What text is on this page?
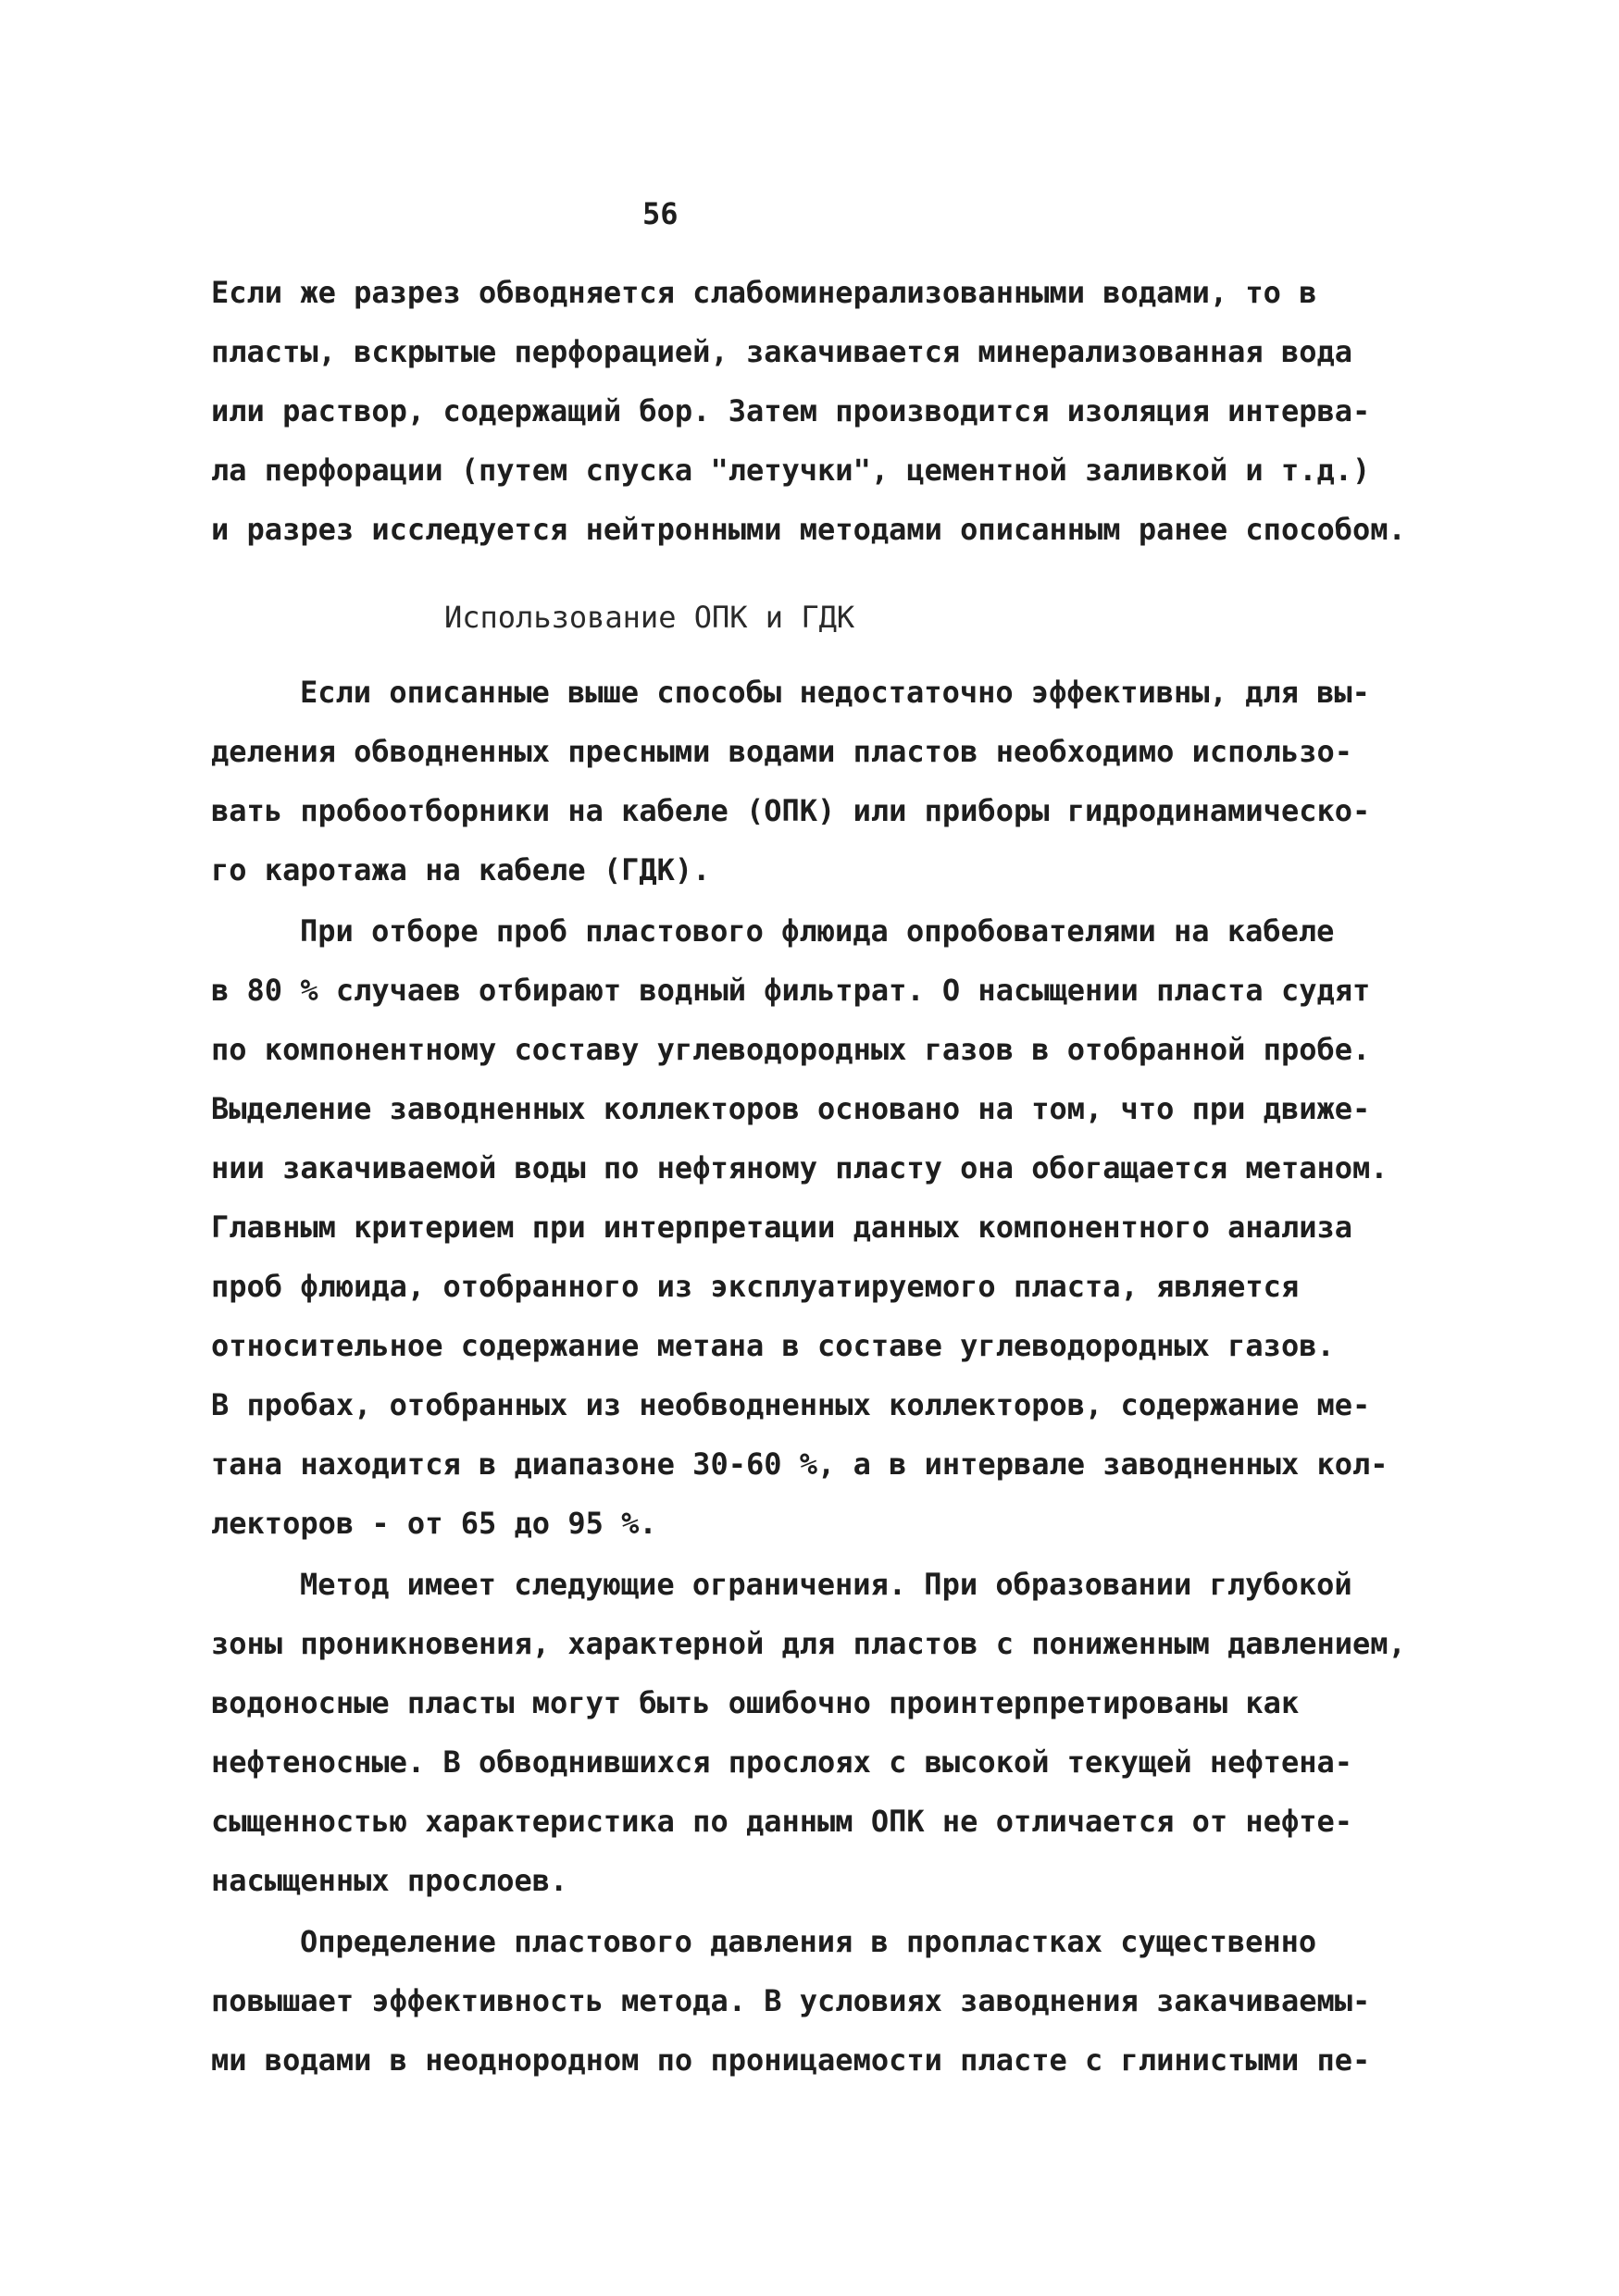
56
Если же разрез обводняется слабоминерализованными водами, то в
пласты, вскрытые перфорацией, закачивается минерализованная вода
или раствор, содержащий бор. Затем производится изоляция интерва-
ла перфорации (путем спуска "летучки", цементной заливкой и т.д.)
и разрез исследуется нейтронными методами описанным ранее способом.
Использование ОПК и ГДК
Если описанные выше способы недостаточно эффективны, для вы-
деления обводненных пресными водами пластов необходимо использо-
вать пробоотборники на кабеле (ОПК) или приборы гидродинамическо-
го каротажа на кабеле (ГДК).
При отборе проб пластового флюида опробователями на кабеле
в 80 % случаев отбирают водный фильтрат. О насыщении пласта судят
по компонентному составу углеводородных газов в отобранной пробе.
Выделение заводненных коллекторов основано на том, что при движе-
нии закачиваемой воды по нефтяному пласту она обогащается метаном.
Главным критерием при интерпретации данных компонентного анализа
проб флюида, отобранного из эксплуатируемого пласта, является
относительное содержание метана в составе углеводородных газов.
В пробах, отобранных из необводненных коллекторов, содержание ме-
тана находится в диапазоне 30-60 %, а в интервале заводненных кол-
лекторов - от 65 до 95 %.
Метод имеет следующие ограничения. При образовании глубокой
зоны проникновения, характерной для пластов с пониженным давлением,
водоносные пласты могут быть ошибочно проинтерпретированы как
нефтеносные. В обводнившихся прослоях с высокой текущей нефтена-
сыщенностью характеристика по данным ОПК не отличается от нефте-
насыщенных прослоев.
Определение пластового давления в пропластках существенно
повышает эффективность метода. В условиях заводнения закачиваемы-
ми водами в неоднородном по проницаемости пласте с глинистыми пе-
